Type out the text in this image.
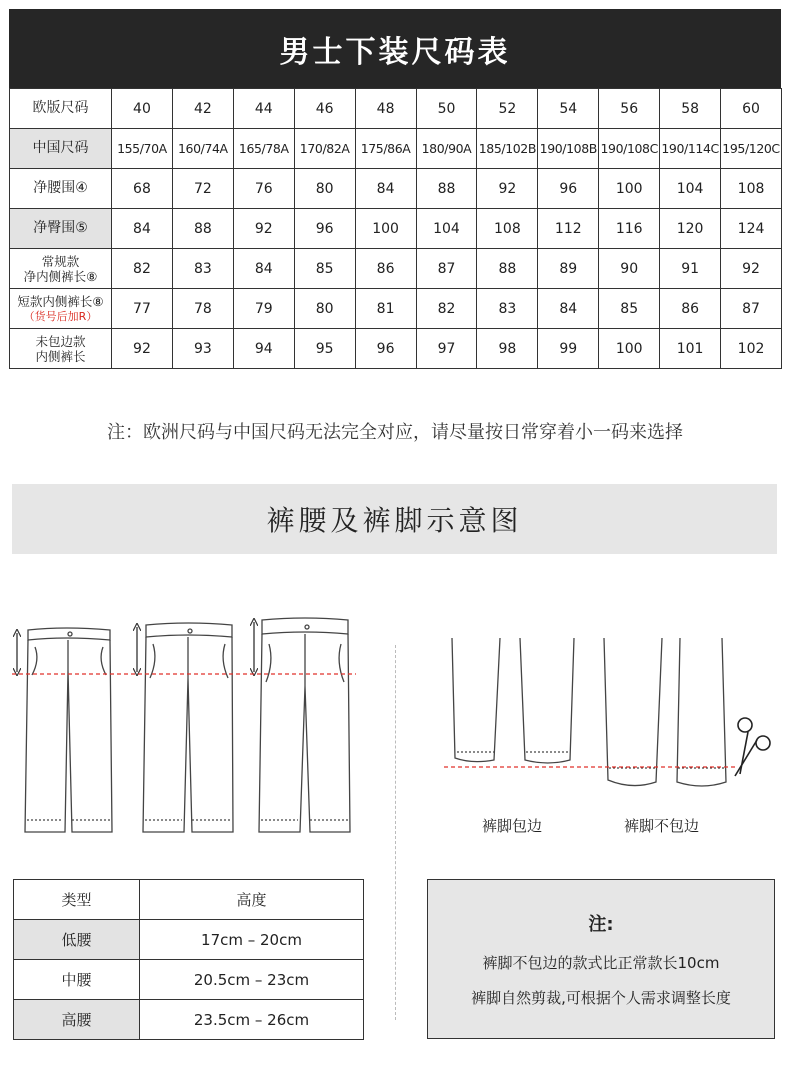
男士下装尺码表
欧版尺码	40	42	44	46	48	50	52	54	56	58	60
中国尺码	155/70A	160/74A	165/78A	170/82A	175/86A	180/90A	185/102B	190/108B	190/108C	190/114C	195/120C
净腰围④	68	72	76	80	84	88	92	96	100	104	108
净臀围⑤	84	88	92	96	100	104	108	112	116	120	124

常规款
净内侧裤长⑧	82	83	84	85	86	87	88	89	90	91	92

短款内侧裤长⑧
（货号后加R）	77	78	79	80	81	82	83	84	85	86	87

未包边款
内侧裤长	92	93	94	95	96	97	98	99	100	101	102
注：欧洲尺码与中国尺码无法完全对应，请尽量按日常穿着小一码来选择
裤腰及裤脚示意图
裤脚包边	裤脚不包边
类型	高度
低腰	17cm – 20cm
中腰	20.5cm – 23cm
高腰	23.5cm – 26cm
注:
裤脚不包边的款式比正常款长10cm
裤脚自然剪裁,可根据个人需求调整长度
